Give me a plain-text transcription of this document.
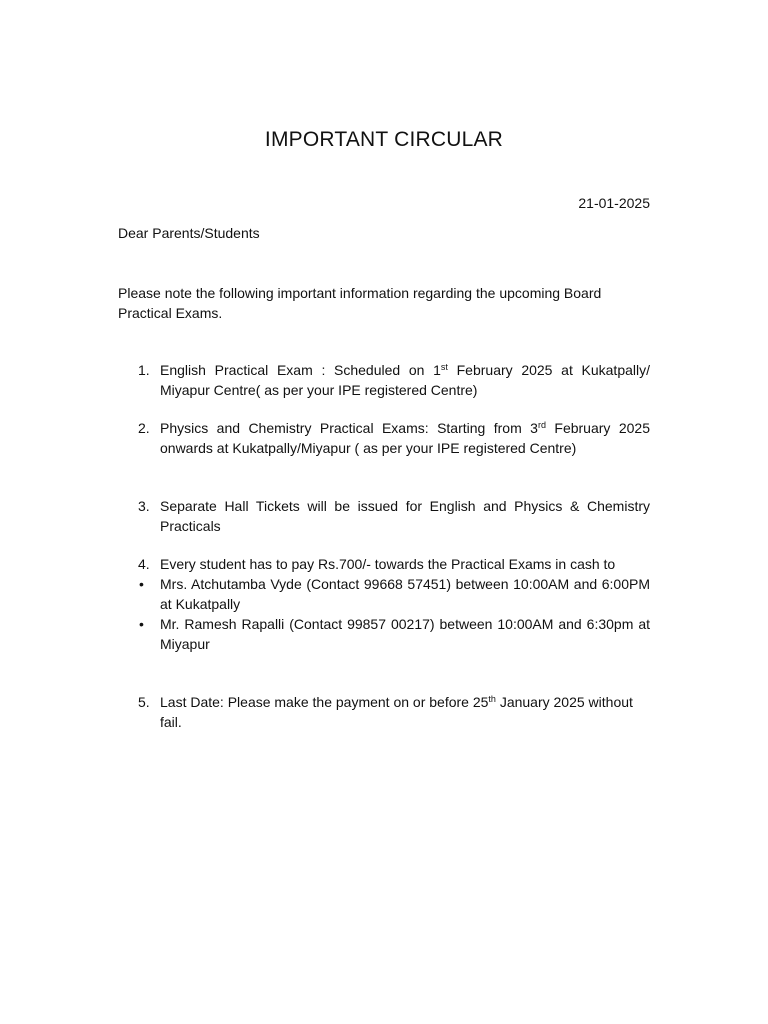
IMPORTANT CIRCULAR
21-01-2025
Dear Parents/Students
Please note the following important information regarding the upcoming Board Practical Exams.
1. English Practical Exam : Scheduled on 1st February 2025 at Kukatpally/ Miyapur Centre( as per your IPE registered Centre)
2. Physics and Chemistry Practical Exams: Starting from 3rd February 2025 onwards at Kukatpally/Miyapur ( as per your IPE registered Centre)
3. Separate Hall Tickets will be issued for English and Physics & Chemistry Practicals
4. Every student has to pay Rs.700/- towards the Practical Exams in cash to
•	Mrs. Atchutamba Vyde (Contact 99668 57451) between 10:00AM and 6:00PM at Kukatpally
•	Mr. Ramesh Rapalli (Contact 99857 00217) between 10:00AM and 6:30pm at Miyapur
5. Last Date: Please make the payment on or before 25th January 2025 without fail.
